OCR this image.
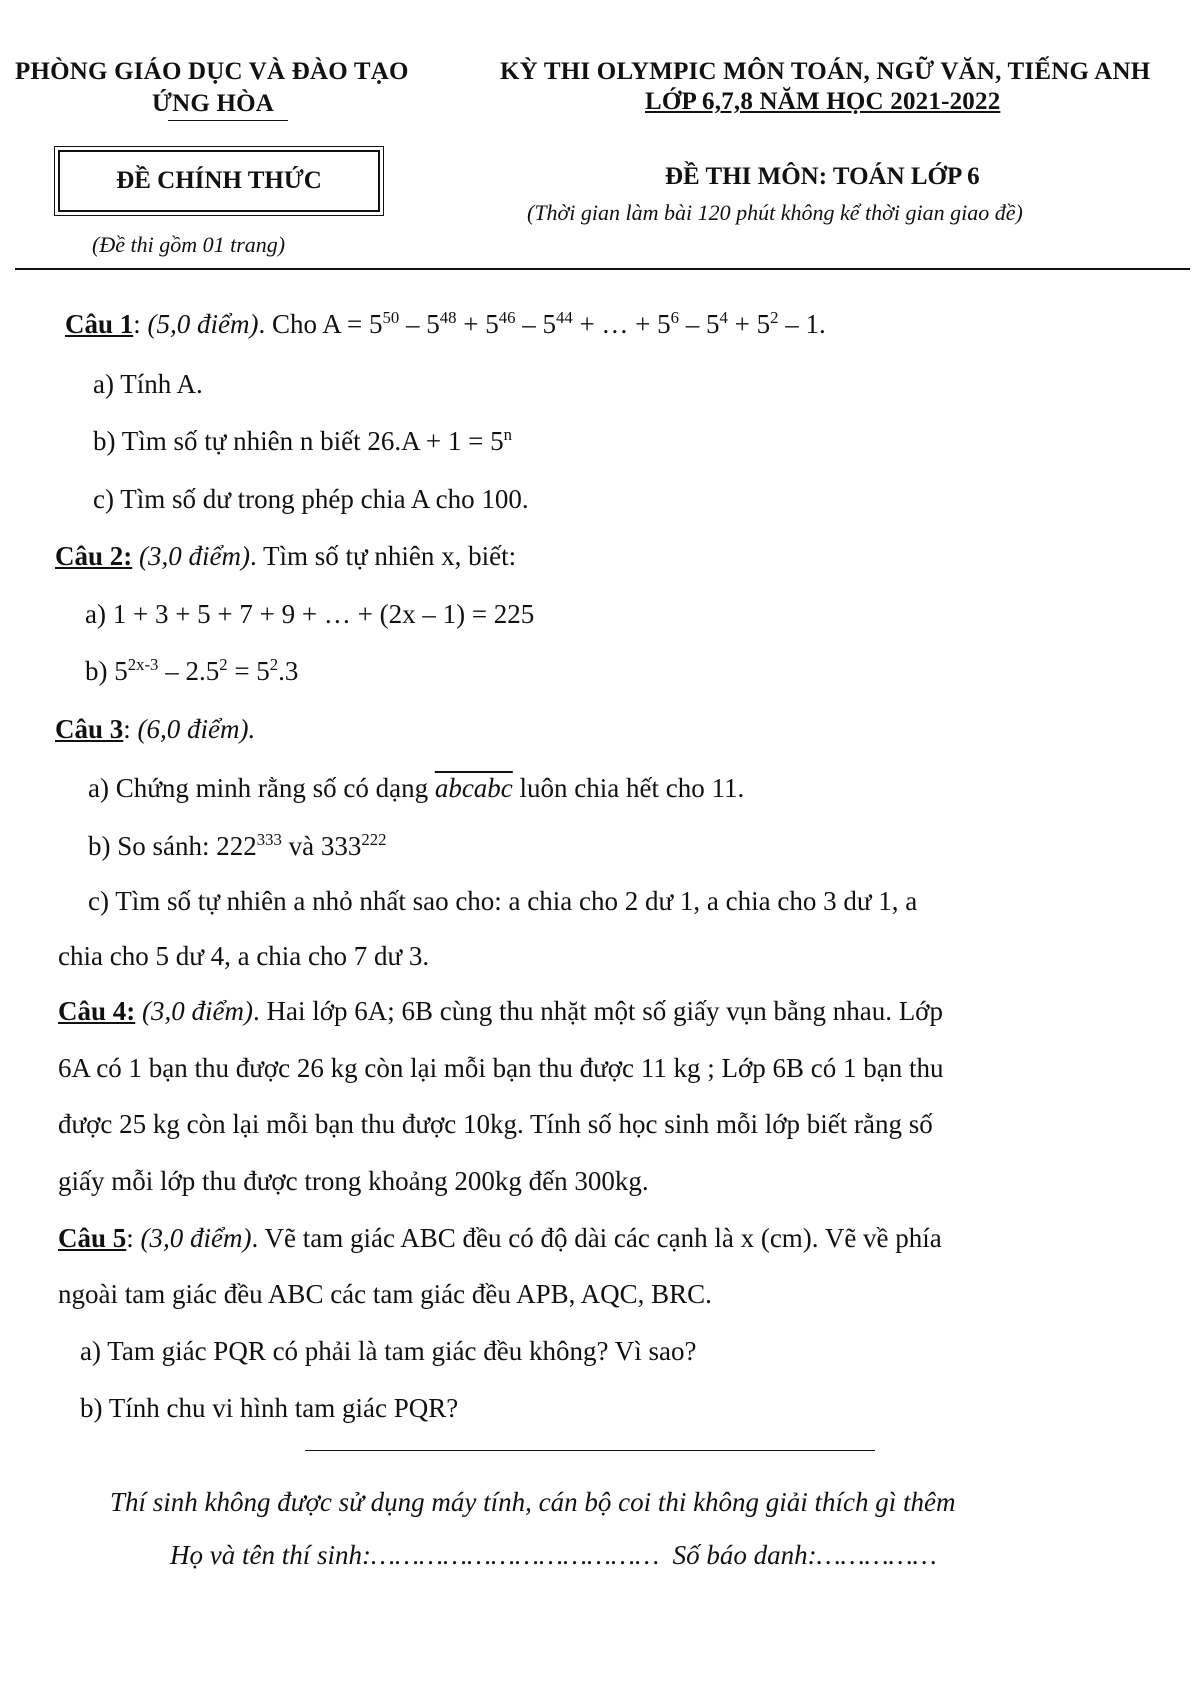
PHÒNG GIÁO DỤC VÀ ĐÀO TẠO
ỨNG HÒA
KỲ THI OLYMPIC MÔN TOÁN, NGỮ VĂN, TIẾNG ANH
LỚP 6,7,8 NĂM HỌC 2021-2022
ĐỀ CHÍNH THỨC
(Đề thi gồm 01 trang)
ĐỀ THI MÔN: TOÁN LỚP 6
(Thời gian làm bài 120 phút không kể thời gian giao đề)
Câu 1: (5,0 điểm). Cho $A = 5^{50} - 5^{48} + 5^{46} - 5^{44}$ + … + $5^6 - 5^4 + 5^2 - 1$.
a) Tính A.
b) Tìm số tự nhiên n biết $26.A + 1 = 5^n$
c) Tìm số dư trong phép chia A cho 100.
Câu 2: (3,0 điểm). Tìm số tự nhiên x, biết:
a) 1 + 3 + 5 + 7 + 9 + … + (2x – 1) = 225
b) $5^{2x-3} - 2.5^2 = 5^2.3$
Câu 3: (6,0 điểm).
a) Chứng minh rằng số có dạng abcabc luôn chia hết cho 11.
b) So sánh: $222^{333}$ và $333^{222}$
c) Tìm số tự nhiên a nhỏ nhất sao cho: a chia cho 2 dư 1, a chia cho 3 dư 1, a
chia cho 5 dư 4, a chia cho 7 dư 3.
Câu 4: (3,0 điểm). Hai lớp 6A; 6B cùng thu nhặt một số giấy vụn bằng nhau. Lớp
6A có 1 bạn thu được 26 kg còn lại mỗi bạn thu được 11 kg ; Lớp 6B có 1 bạn thu
được 25 kg còn lại mỗi bạn thu được 10kg. Tính số học sinh mỗi lớp biết rằng số
giấy mỗi lớp thu được trong khoảng 200kg đến 300kg.
Câu 5: (3,0 điểm). Vẽ tam giác ABC đều có độ dài các cạnh là x (cm). Vẽ về phía
ngoài tam giác đều ABC các tam giác đều APB, AQC, BRC.
a) Tam giác PQR có phải là tam giác đều không? Vì sao?
b) Tính chu vi hình tam giác PQR?
Thí sinh không được sử dụng máy tính, cán bộ coi thi không giải thích gì thêm
Họ và tên thí sinh:……………………………… Số báo danh:……………
